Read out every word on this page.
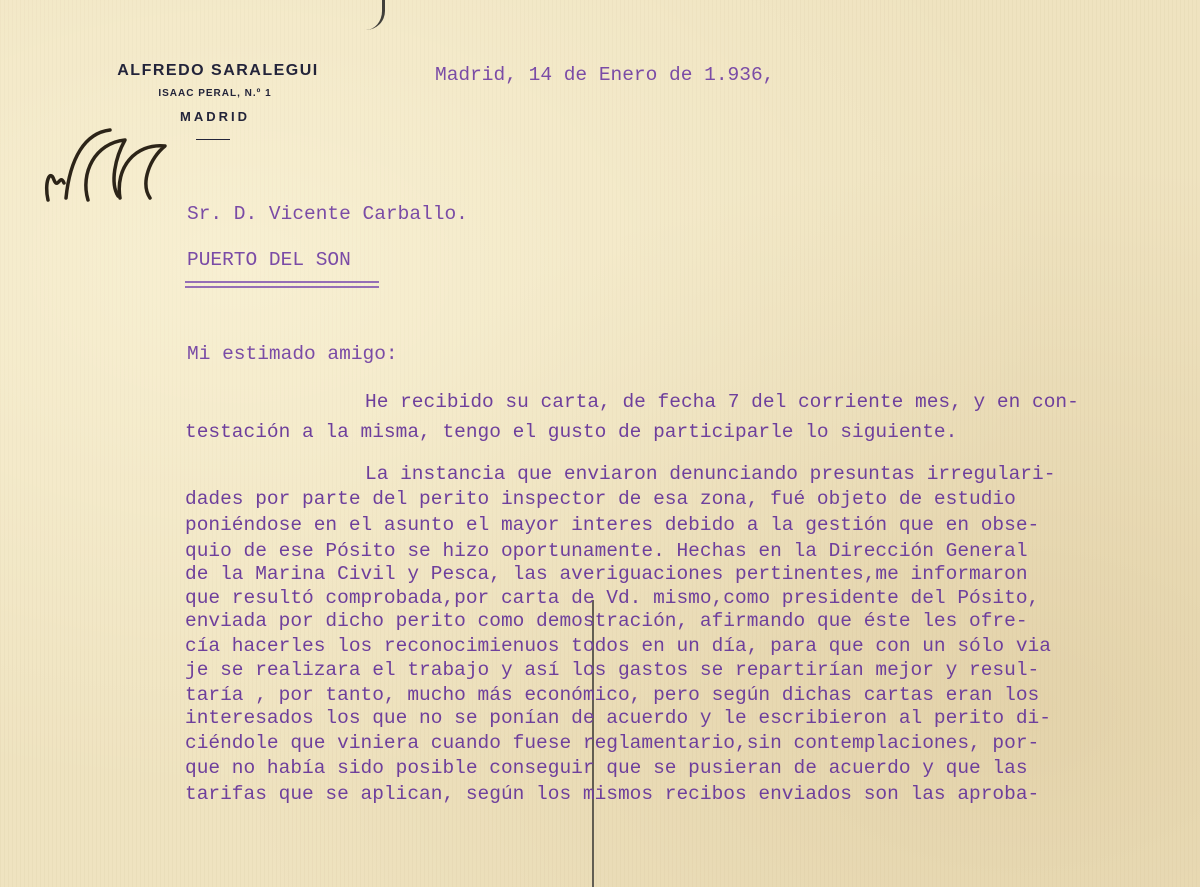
ALFREDO SARALEGUI
ISAAC PERAL, N.º 1
MADRID
Madrid, 14 de Enero de 1.936,
Sr. D. Vicente Carballo.
PUERTO DEL SON
Mi estimado amigo:
He recibido su carta, de fecha 7 del corriente mes, y en con-
testación a la misma, tengo el gusto de participarle lo siguiente.
La instancia que enviaron denunciando presuntas irregulari-
dades por parte del perito inspector de esa zona, fué objeto de estudio
poniéndose en el asunto el mayor interes debido a la gestión que en obse-
quio de ese Pósito se hizo oportunamente. Hechas en la Dirección General
de la Marina Civil y Pesca, las averiguaciones pertinentes,me informaron
que resultó comprobada,por carta de Vd. mismo,como presidente del Pósito,
enviada por dicho perito como demostración, afirmando que éste les ofre-
cía hacerles los reconocimienuos todos en un día, para que con un sólo via
je se realizara el trabajo y así los gastos se repartirían mejor y resul-
taría , por tanto, mucho más económico, pero según dichas cartas eran los
interesados los que no se ponían de acuerdo y le escribieron al perito di-
ciéndole que viniera cuando fuese reglamentario,sin contemplaciones, por-
que no había sido posible conseguir que se pusieran de acuerdo y que las
tarifas que se aplican, según los mismos recibos enviados son las aproba-
